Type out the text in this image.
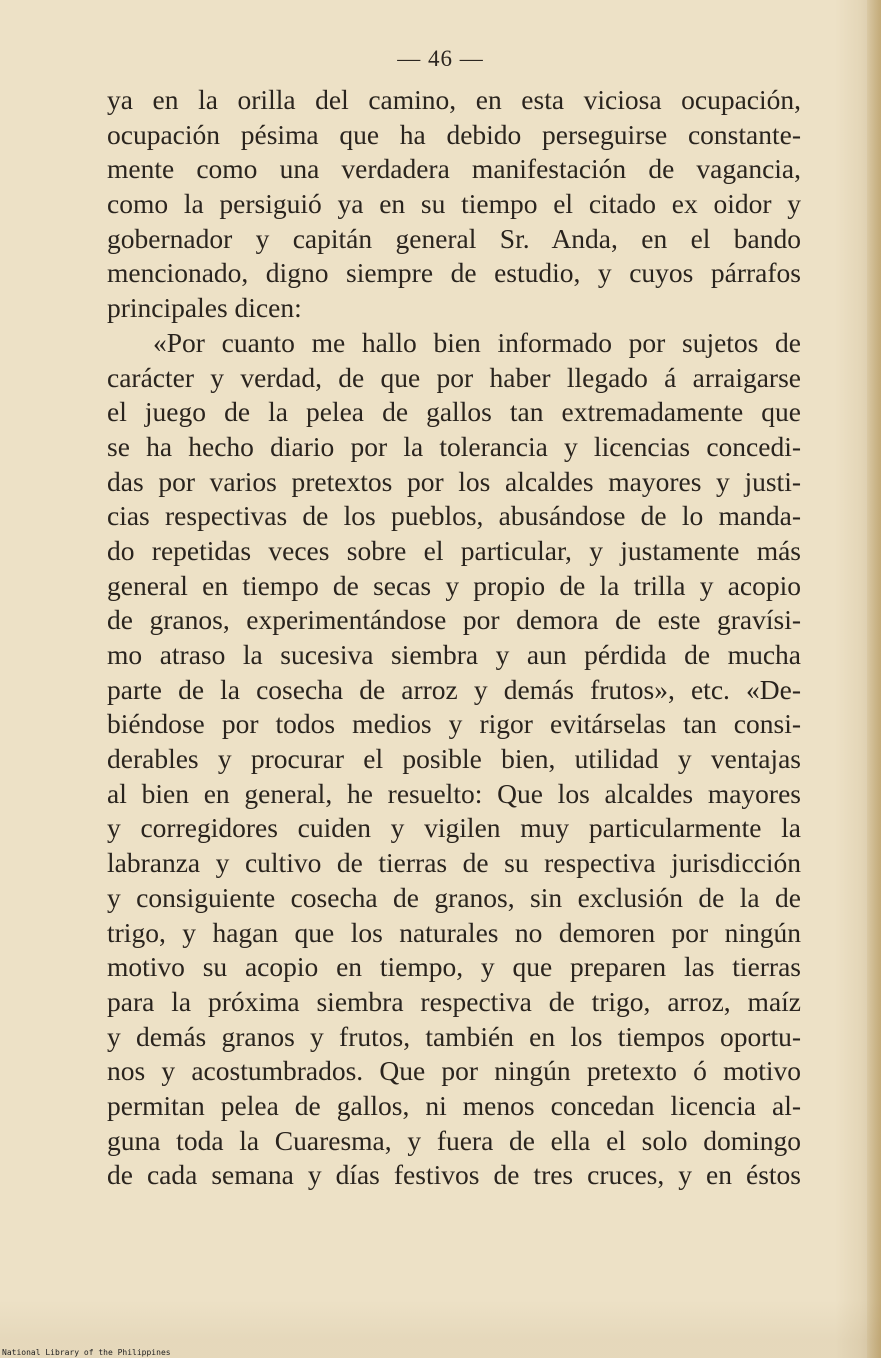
— 46 —
ya en la orilla del camino, en esta viciosa ocupación,
ocupación pésima que ha debido perseguirse constante-
mente como una verdadera manifestación de vagancia,
como la persiguió ya en su tiempo el citado ex oidor y
gobernador y capitán general Sr. Anda, en el bando
mencionado, digno siempre de estudio, y cuyos párrafos
principales dicen:
«Por cuanto me hallo bien informado por sujetos de
carácter y verdad, de que por haber llegado á arraigarse
el juego de la pelea de gallos tan extremadamente que
se ha hecho diario por la tolerancia y licencias concedi-
das por varios pretextos por los alcaldes mayores y justi-
cias respectivas de los pueblos, abusándose de lo manda-
do repetidas veces sobre el particular, y justamente más
general en tiempo de secas y propio de la trilla y acopio
de granos, experimentándose por demora de este gravísi-
mo atraso la sucesiva siembra y aun pérdida de mucha
parte de la cosecha de arroz y demás frutos», etc. «De-
biéndose por todos medios y rigor evitárselas tan consi-
derables y procurar el posible bien, utilidad y ventajas
al bien en general, he resuelto: Que los alcaldes mayores
y corregidores cuiden y vigilen muy particularmente la
labranza y cultivo de tierras de su respectiva jurisdicción
y consiguiente cosecha de granos, sin exclusión de la de
trigo, y hagan que los naturales no demoren por ningún
motivo su acopio en tiempo, y que preparen las tierras
para la próxima siembra respectiva de trigo, arroz, maíz
y demás granos y frutos, también en los tiempos oportu-
nos y acostumbrados. Que por ningún pretexto ó motivo
permitan pelea de gallos, ni menos concedan licencia al-
guna toda la Cuaresma, y fuera de ella el solo domingo
de cada semana y días festivos de tres cruces, y en éstos
National Library of the Philippines
